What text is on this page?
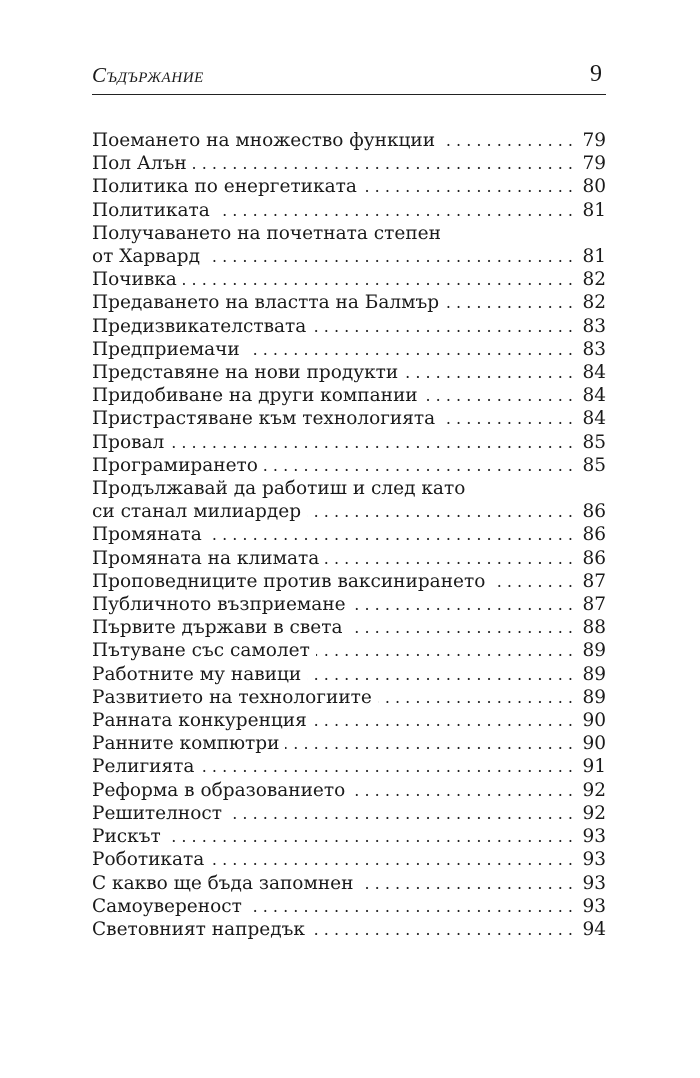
Съдържание	9
Поемането на множество функции . . .	79
Пол Алън . . .	79
Политика по енергетиката . . .	80
Политиката . . .	81
Получаването на почетната степен
от Харвард . . .	81
Почивка . . .	82
Предаването на властта на Балмър . . .	82
Предизвикателствата . . .	83
Предприемачи . . .	83
Представяне на нови продукти . . .	84
Придобиване на други компании . . .	84
Пристрастяване към технологията . . .	84
Провал . . .	85
Програмирането . . .	85
Продължавай да работиш и след като
си станал милиардер . . .	86
Промяната . . .	86
Промяната на климата . . .	86
Проповедниците против ваксинирането . . .	87
Публичното възприемане . . .	87
Първите държави в света . . .	88
Пътуване със самолет . . .	89
Работните му навици . . .	89
Развитието на технологиите . . .	89
Ранната конкуренция . . .	90
Ранните компютри . . .	90
Религията . . .	91
Реформа в образованието . . .	92
Решителност . . .	92
Рискът . . .	93
Роботиката . . .	93
С какво ще бъда запомнен . . .	93
Самоувереност . . .	93
Световният напредък . . .	94
